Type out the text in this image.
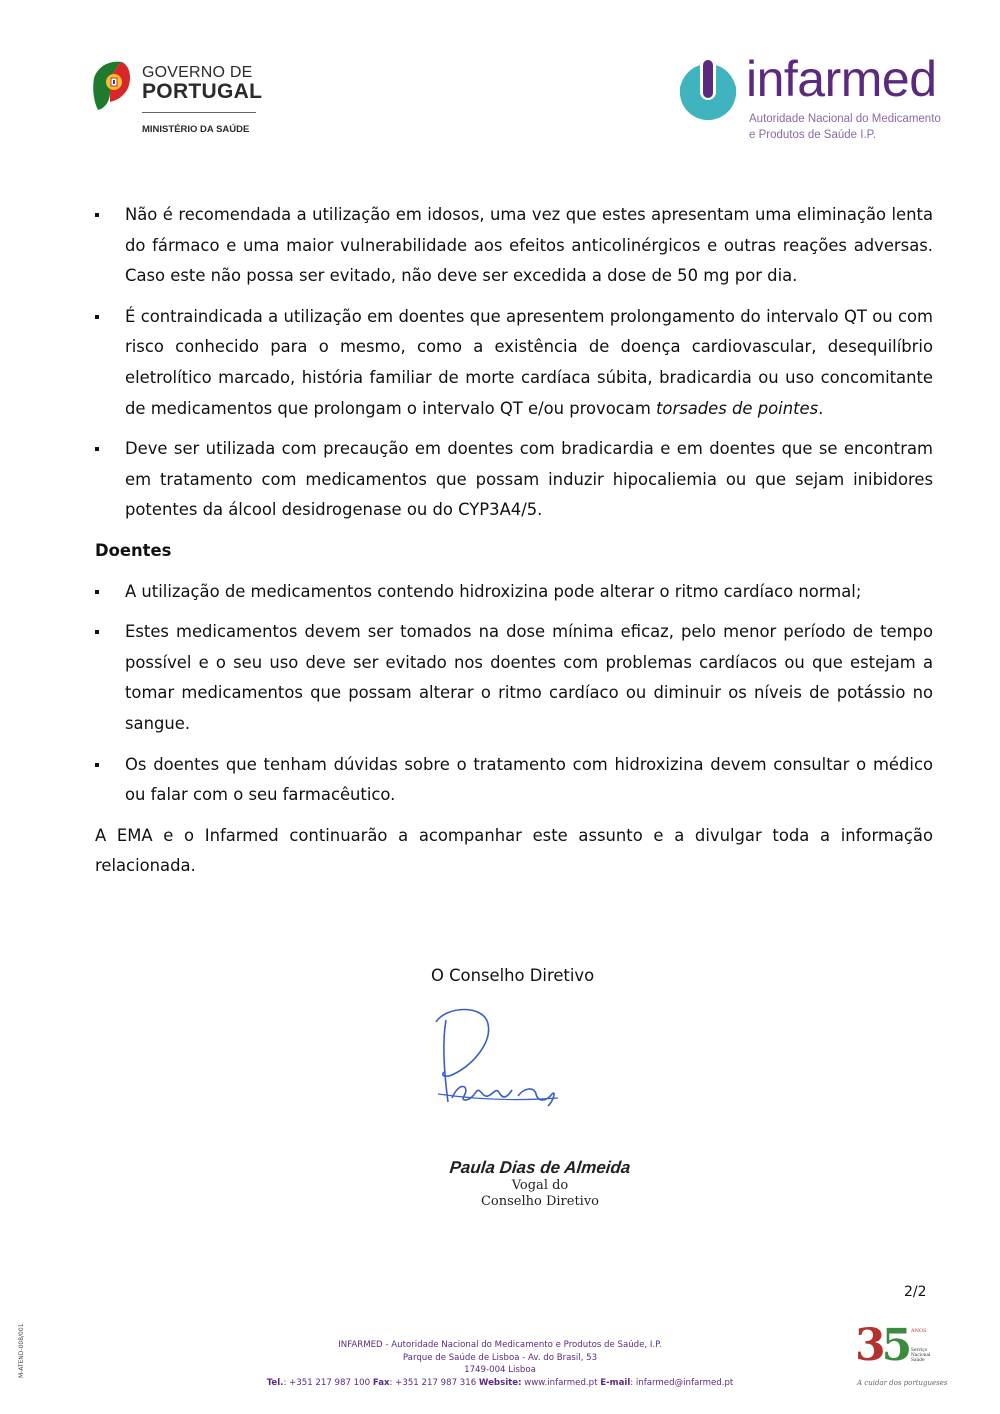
GOVERNO DE
PORTUGAL
MINISTÉRIO DA SAÚDE
infarmed
Autoridade Nacional do Medicamento
e Produtos de Saúde I.P.

Não é recomendada a utilização em idosos, uma vez que estes apresentam uma eliminação lenta do fármaco e uma maior vulnerabilidade aos efeitos anticolinérgicos e outras reações adversas. Caso este não possa ser evitado, não deve ser excedida a dose de 50 mg por dia.

É contraindicada a utilização em doentes que apresentem prolongamento do intervalo QT ou com risco conhecido para o mesmo, como a existência de doença cardiovascular, desequilíbrio eletrolítico marcado, história familiar de morte cardíaca súbita, bradicardia ou uso concomitante de medicamentos que prolongam o intervalo QT e/ou provocam torsades de pointes.

Deve ser utilizada com precaução em doentes com bradicardia e em doentes que se encontram em tratamento com medicamentos que possam induzir hipocaliemia ou que sejam inibidores potentes da álcool desidrogenase ou do CYP3A4/5.

Doentes

A utilização de medicamentos contendo hidroxizina pode alterar o ritmo cardíaco normal;

Estes medicamentos devem ser tomados na dose mínima eficaz, pelo menor período de tempo possível e o seu uso deve ser evitado nos doentes com problemas cardíacos ou que estejam a tomar medicamentos que possam alterar o ritmo cardíaco ou diminuir os níveis de potássio no sangue.

Os doentes que tenham dúvidas sobre o tratamento com hidroxizina devem consultar o médico ou falar com o seu farmacêutico.

A EMA e o Infarmed continuarão a acompanhar este assunto e a divulgar toda a informação relacionada.

O Conselho Diretivo
Paula Dias de Almeida
Vogal do
Conselho Diretivo
2/2
M-ATEND-008/001	INFARMED - Autoridade Nacional do Medicamento e Produtos de Saúde, I.P.
Parque de Saúde de Lisboa - Av. do Brasil, 53
1749-004 Lisboa
Tel.: +351 217 987 100 Fax: +351 217 987 316 Website: www.infarmed.pt E-mail: infarmed@infarmed.pt
35 ANOS
Serviço Nacional Saúde
A cuidar dos portugueses
